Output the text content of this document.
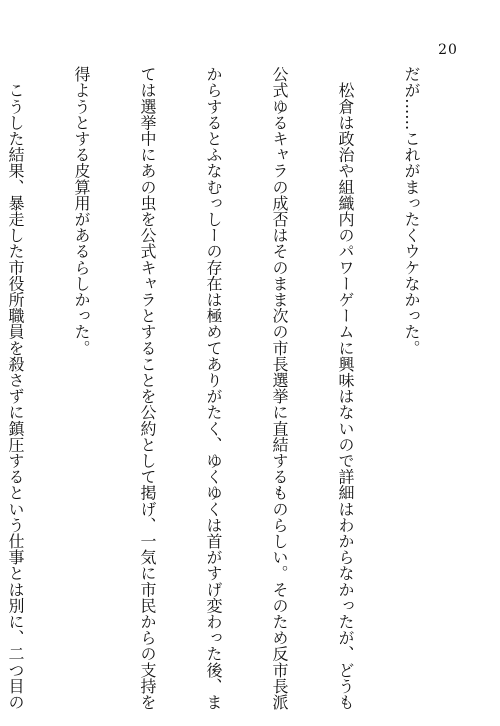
20

だが……これがまったくウケなかった。

　松倉は政治や組織内のパワーゲームに興味はないので詳細はわからなかったが、どうも

公式ゆるキャラの成否はそのまま次の市長選挙に直結するものらしい。そのため反市長派

からするとふなむっしーの存在は極めてありがたく、ゆくゆくは首がすげ変わった後、ま

ては選挙中にあの虫を公式キャラとすることを公約として掲げ、一気に市民からの支持を

得ようとする皮算用があるらしかった。

　こうした結果、暴走した市役所職員を殺さずに鎮圧するという仕事とは別に、二つ目の
